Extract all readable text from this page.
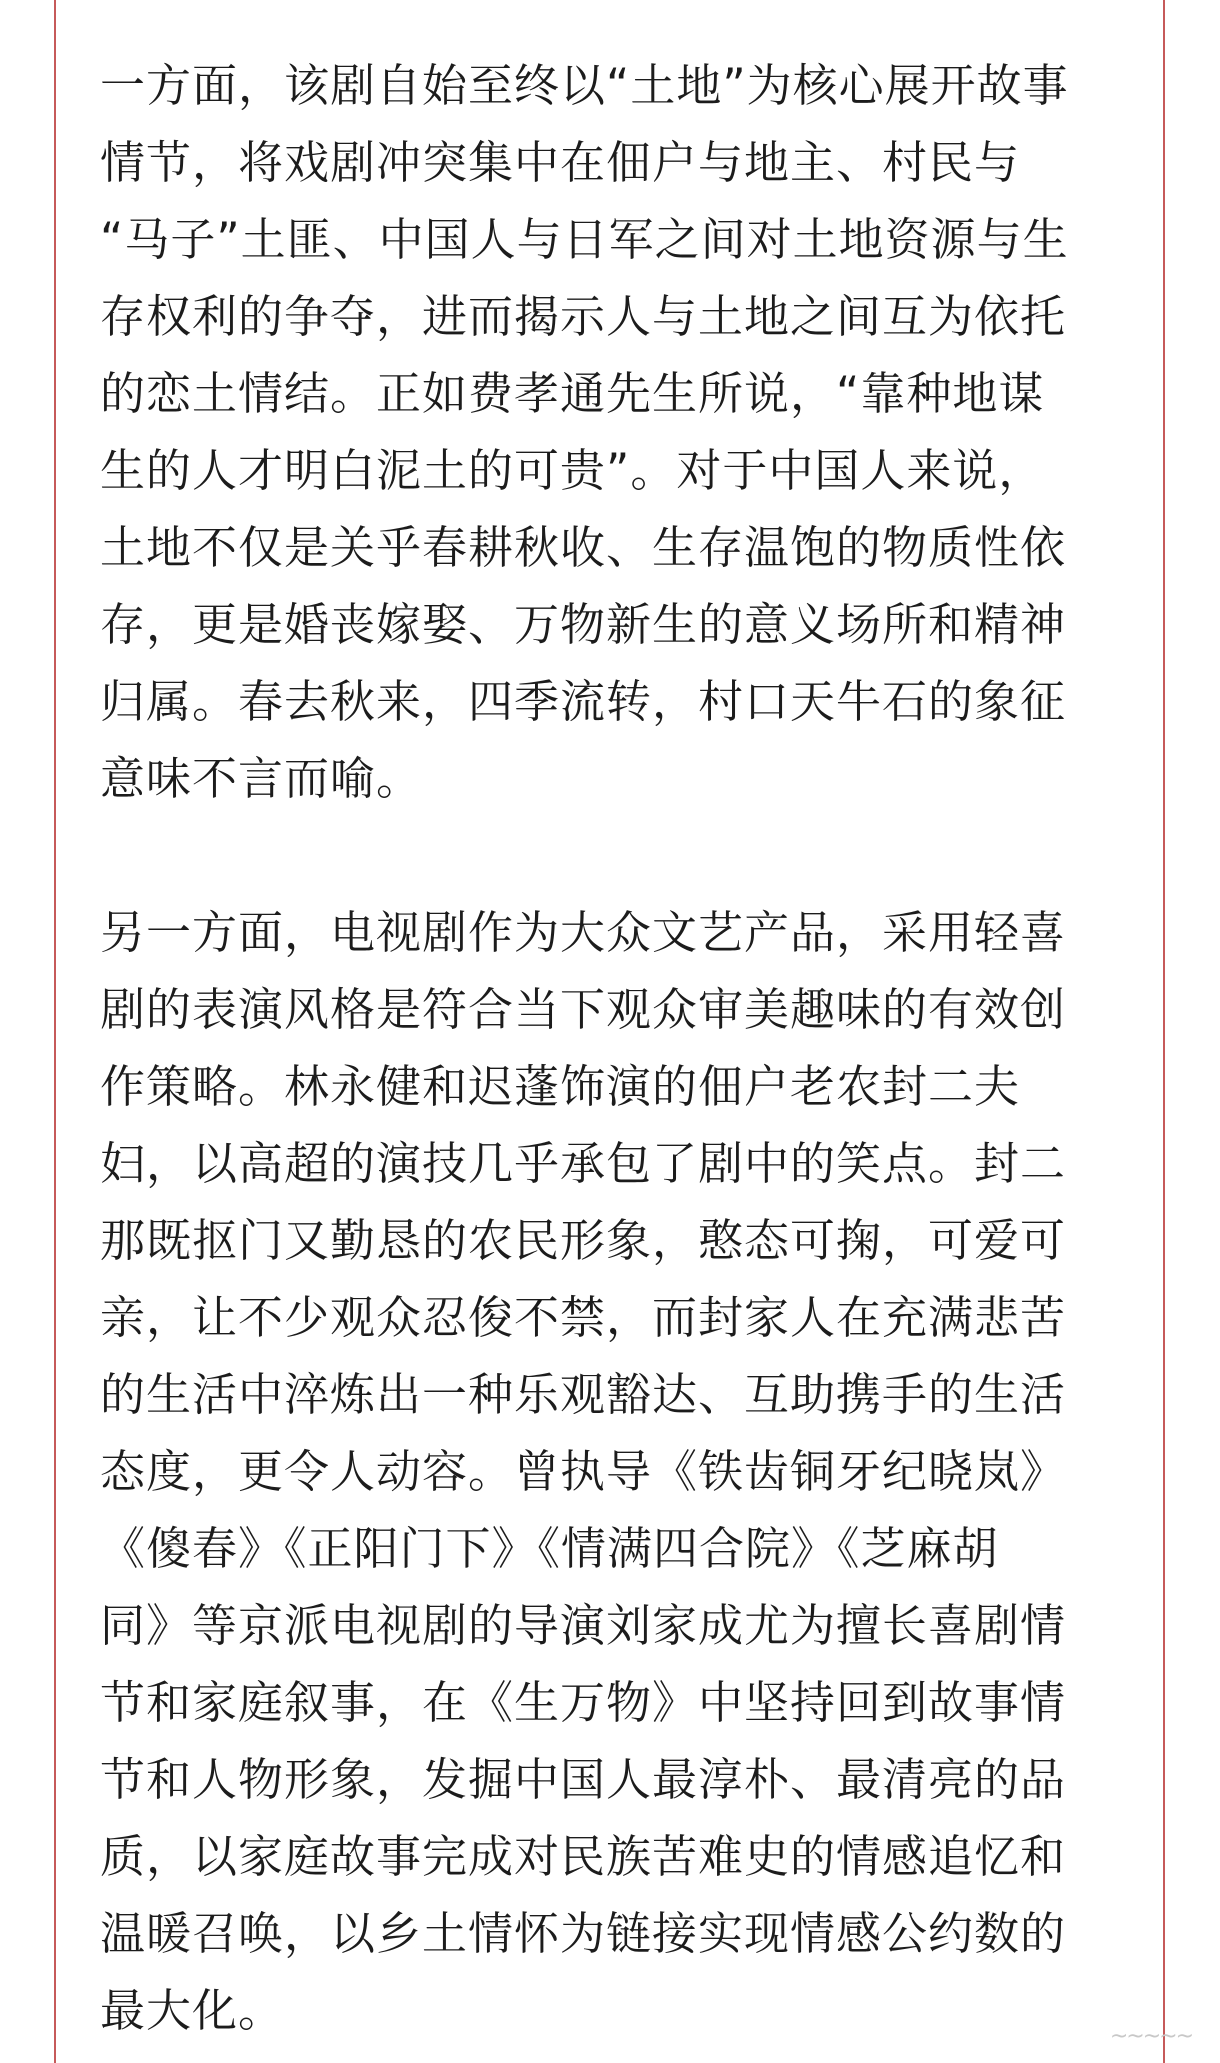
一方面，该剧自始至终以“土地”为核心展开故事
情节，将戏剧冲突集中在佃户与地主、村民与
“马子”土匪、中国人与日军之间对土地资源与生
存权利的争夺，进而揭示人与土地之间互为依托
的恋土情结。正如费孝通先生所说，“靠种地谋
生的人才明白泥土的可贵”。对于中国人来说，
土地不仅是关乎春耕秋收、生存温饱的物质性依
存，更是婚丧嫁娶、万物新生的意义场所和精神
归属。春去秋来，四季流转，村口天牛石的象征
意味不言而喻。

另一方面，电视剧作为大众文艺产品，采用轻喜
剧的表演风格是符合当下观众审美趣味的有效创
作策略。林永健和迟蓬饰演的佃户老农封二夫
妇，以高超的演技几乎承包了剧中的笑点。封二
那既抠门又勤恳的农民形象，憨态可掬，可爱可
亲，让不少观众忍俊不禁，而封家人在充满悲苦
的生活中淬炼出一种乐观豁达、互助携手的生活
态度，更令人动容。曾执导《铁齿铜牙纪晓岚》
《傻春》《正阳门下》《情满四合院》《芝麻胡
同》等京派电视剧的导演刘家成尤为擅长喜剧情
节和家庭叙事，在《生万物》中坚持回到故事情
节和人物形象，发掘中国人最淳朴、最清亮的品
质，以家庭故事完成对民族苦难史的情感追忆和
温暖召唤，以乡土情怀为链接实现情感公约数的
最大化。	~~~~~
